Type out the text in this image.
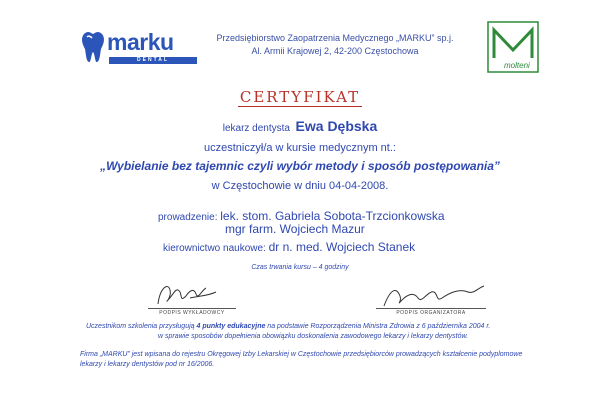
marku
DENTAL
Przedsiębiorstwo Zaopatrzenia Medycznego „MARKU” sp.j.
Al. Armii Krajowej 2, 42-200 Częstochowa
molteni
CERTYFIKAT
lekarz dentysta Ewa Dębska
uczestniczył/a w kursie medycznym nt.:
„Wybielanie bez tajemnic czyli wybór metody i sposób postępowania”
w Częstochowie w dniu 04-04-2008.
prowadzenie: lek. stom. Gabriela Sobota-Trzcionkowska
mgr farm. Wojciech Mazur
kierownictwo naukowe: dr n. med. Wojciech Stanek
Czas trwania kursu – 4 godziny
PODPIS WYKŁADOWCY	PODPIS ORGANIZATORA
Uczestnikom szkolenia przysługują 4 punkty edukacyjne na podstawie Rozporządzenia Ministra Zdrowia z 6 października 2004 r.
w sprawie sposobów dopełnienia obowiązku doskonalenia zawodowego lekarzy i lekarzy dentystów.
Firma „MARKU” jest wpisana do rejestru Okręgowej Izby Lekarskiej w Częstochowie przedsiębiorców prowadzących kształcenie podyplomowe
lekarzy i lekarzy dentystów pod nr 16/2006.
